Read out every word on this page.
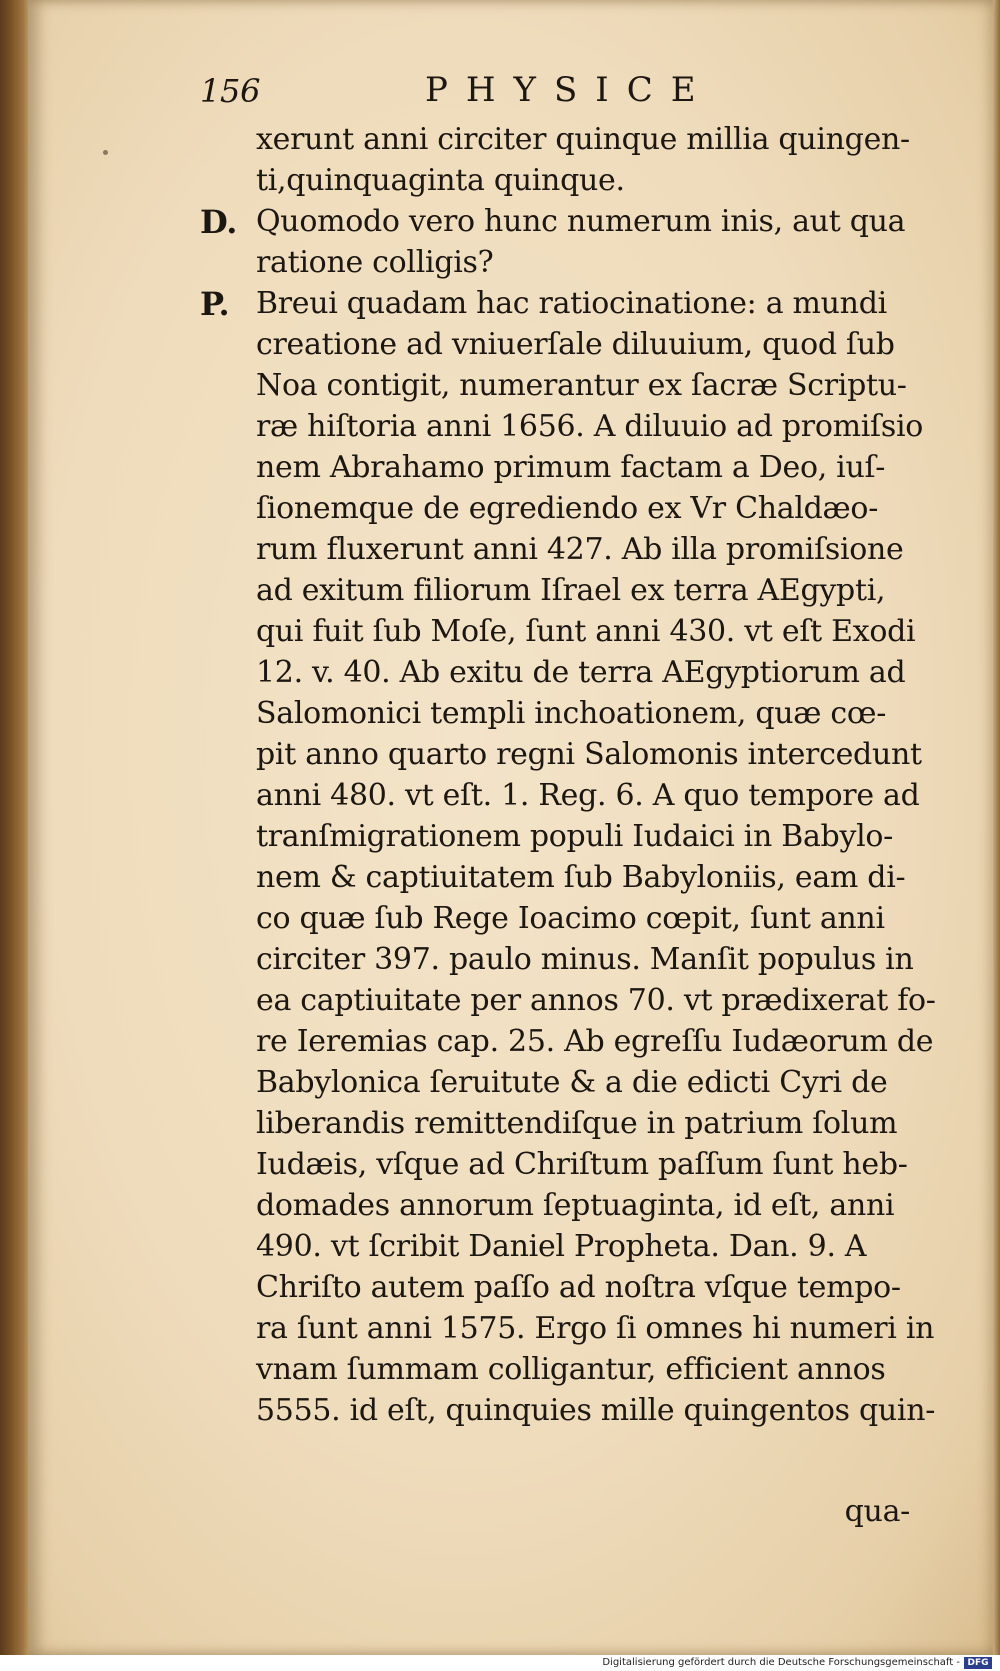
156	PHYSICE
D.
P.
xerunt anni circiter quinque millia quingen-
ti,quinquaginta quinque.
Quomodo vero hunc numerum inis, aut qua
ratione colligis?
Breui quadam hac ratiocinatione: a mundi
creatione ad vniuerſale diluuium, quod ſub
Noa contigit, numerantur ex ſacræ Scriptu-
ræ hiſtoria anni 1656. A diluuio ad promiſsio
nem Abrahamo primum factam a Deo, iuſ-
ſionemque de egrediendo ex Vr Chaldæo-
rum fluxerunt anni 427. Ab illa promiſsione
ad exitum filiorum Iſrael ex terra AEgypti,
qui fuit ſub Moſe, ſunt anni 430. vt eſt Exodi
12. v. 40. Ab exitu de terra AEgyptiorum ad
Salomonici templi inchoationem, quæ cœ-
pit anno quarto regni Salomonis intercedunt
anni 480. vt eſt. 1. Reg. 6. A quo tempore ad
tranſmigrationem populi Iudaici in Babylo-
nem & captiuitatem ſub Babyloniis, eam di-
co quæ ſub Rege Ioacimo cœpit, ſunt anni
circiter 397. paulo minus. Manſit populus in
ea captiuitate per annos 70. vt prædixerat fo-
re Ieremias cap. 25. Ab egreſſu Iudæorum de
Babylonica ſeruitute & a die edicti Cyri de
liberandis remittendiſque in patrium ſolum
Iudæis, vſque ad Chriſtum paſſum ſunt heb-
domades annorum ſeptuaginta, id eſt, anni
490. vt ſcribit Daniel Propheta. Dan. 9. A
Chriſto autem paſſo ad noſtra vſque tempo-
ra ſunt anni 1575. Ergo ſi omnes hi numeri in
vnam ſummam colligantur, efficient annos
5555. id eſt, quinquies mille quingentos quin-
qua-
Digitalisierung gefördert durch die Deutsche Forschungsgemeinschaft - DFG
